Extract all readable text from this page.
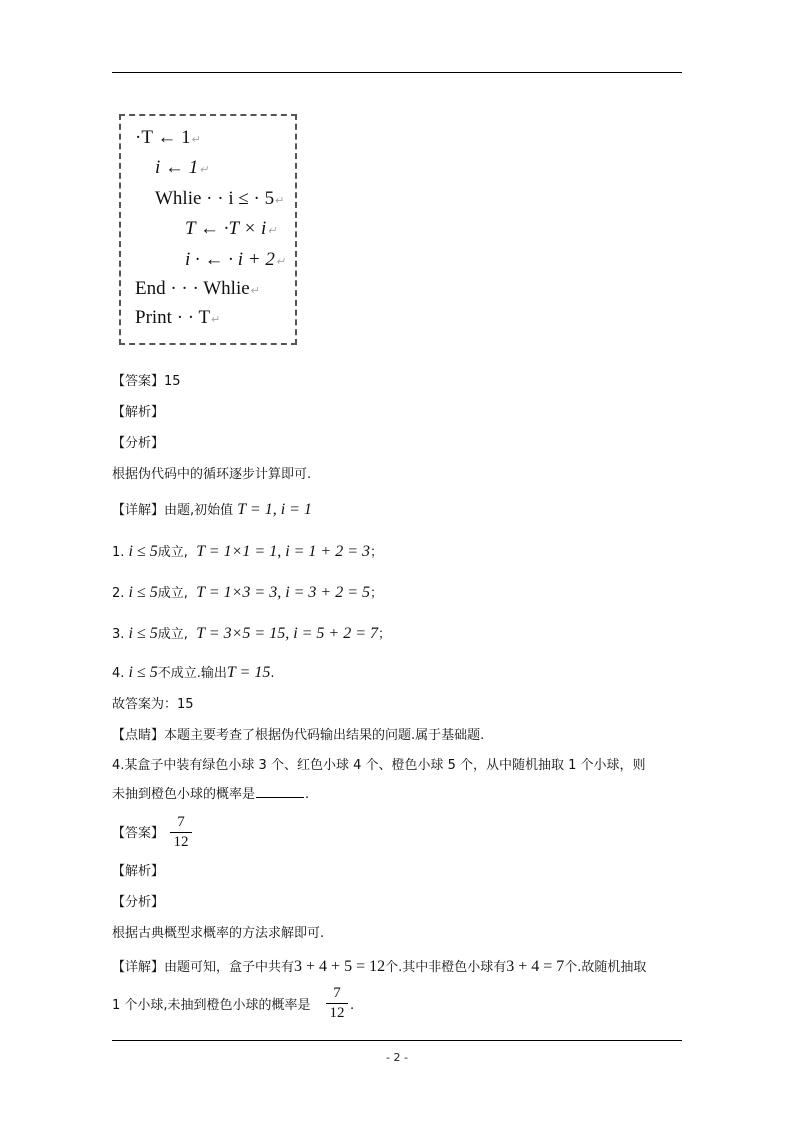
·T ← 1↵
i ← 1↵
Whlie · · i ≤ · 5↵
T ← ·T × i↵
i · ← · i + 2↵
End · · · Whlie↵
Print · · T↵
【答案】15
【解析】
【分析】
根据伪代码中的循环逐步计算即可.
【详解】由题,初始值 T = 1, i = 1
1. i ≤ 5成立, T = 1×1 = 1, i = 1 + 2 = 3；
2. i ≤ 5成立, T = 1×3 = 3, i = 3 + 2 = 5；
3. i ≤ 5成立, T = 3×5 = 15, i = 5 + 2 = 7；
4. i ≤ 5不成立.输出T = 15.
故答案为：15
【点睛】本题主要考查了根据伪代码输出结果的问题.属于基础题.
4.某盒子中装有绿色小球 3 个、红色小球 4 个、橙色小球 5 个，从中随机抽取 1 个小球，则
未抽到橙色小球的概率是	.
【答案】
7
12
【解析】
【分析】
根据古典概型求概率的方法求解即可.
【详解】由题可知，盒子中共有3 + 4 + 5 = 12个.其中非橙色小球有3 + 4 = 7个.故随机抽取
1 个小球,未抽到橙色小球的概率是
7
12 .
- 2 -
